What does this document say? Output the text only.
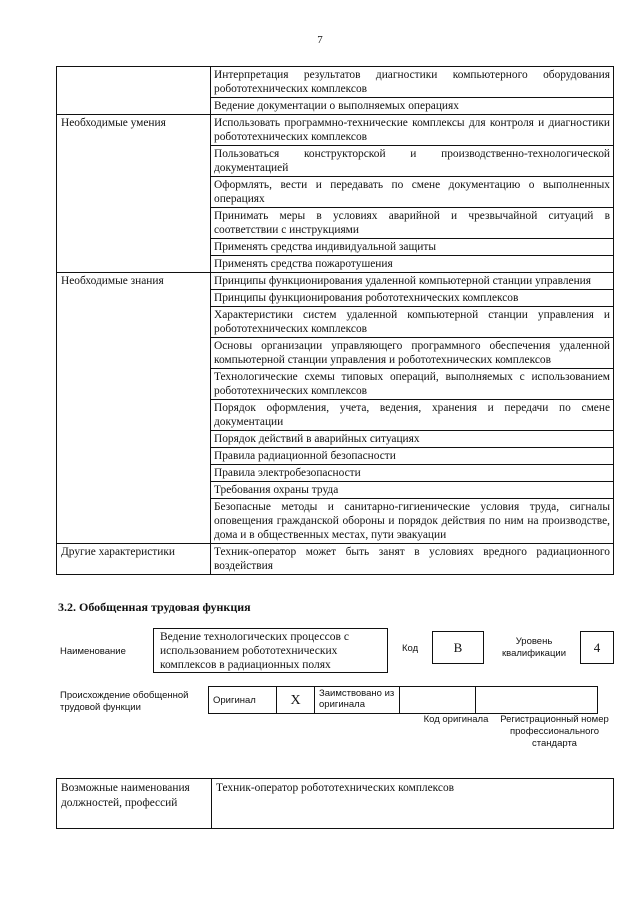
7
	Интерпретация результатов диагностики компьютерного оборудования робототехнических комплексов
	Ведение документации о выполняемых операциях
Необходимые умения	Использовать программно-технические комплексы для контроля и диагностики робототехнических комплексов
	Пользоваться конструкторской и производственно-технологической документацией
	Оформлять, вести и передавать по смене документацию о выполненных операциях
	Принимать меры в условиях аварийной и чрезвычайной ситуаций в соответствии с инструкциями
	Применять средства индивидуальной защиты
	Применять средства пожаротушения
Необходимые знания	Принципы функционирования удаленной компьютерной станции управления
	Принципы функционирования робототехнических комплексов
	Характеристики систем удаленной компьютерной станции управления и робототехнических комплексов
	Основы организации управляющего программного обеспечения удаленной компьютерной станции управления и робототехнических комплексов
	Технологические схемы типовых операций, выполняемых с использованием робототехнических комплексов
	Порядок оформления, учета, ведения, хранения и передачи по смене документации
	Порядок действий в аварийных ситуациях
	Правила радиационной безопасности
	Правила электробезопасности
	Требования охраны труда
	Безопасные методы и санитарно-гигиенические условия труда, сигналы оповещения гражданской обороны и порядок действия по ним на производстве, дома и в общественных местах, пути эвакуации
Другие характеристики	Техник-оператор может быть занят в условиях вредного радиационного воздействия
3.2. Обобщенная трудовая функция
Наименование
Ведение технологических процессов с использованием робототехнических комплексов в радиационных полях
Код	B	Уровень квалификации	4
Происхождение обобщенной трудовой функции
Оригинал	X	Заимствовано из оригинала		
Код оригинала	Регистрационный номер профессионального стандарта
Возможные наименования должностей, профессий	Техник-оператор робототехнических комплексов
